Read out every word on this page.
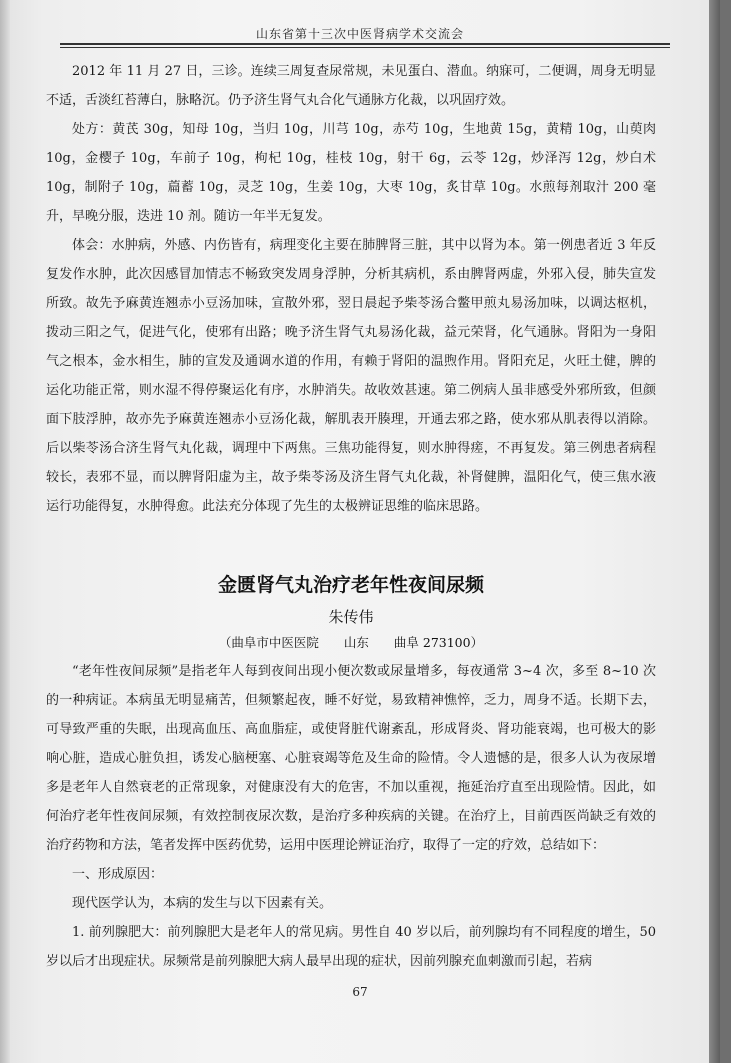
山东省第十三次中医肾病学术交流会

2012 年 11 月 27 日，三诊。连续三周复查尿常规，未见蛋白、潜血。纳寐可，二便调，周身无明显不适，舌淡红苔薄白，脉略沉。仍予济生肾气丸合化气通脉方化裁，以巩固疗效。

处方：黄芪 30g，知母 10g，当归 10g，川芎 10g，赤芍 10g，生地黄 15g，黄精 10g，山萸肉 10g，金樱子 10g，车前子 10g，枸杞 10g，桂枝 10g，射干 6g，云苓 12g，炒泽泻 12g，炒白术 10g，制附子 10g，萹蓄 10g，灵芝 10g，生姜 10g，大枣 10g，炙甘草 10g。水煎每剂取汁 200 毫升，早晚分服，迭进 10 剂。随访一年半无复发。

体会：水肿病，外感、内伤皆有，病理变化主要在肺脾肾三脏，其中以肾为本。第一例患者近 3 年反复发作水肿，此次因感冒加情志不畅致突发周身浮肿，分析其病机，系由脾肾两虚，外邪入侵，肺失宣发所致。故先予麻黄连翘赤小豆汤加味，宣散外邪，翌日晨起予柴苓汤合鳖甲煎丸易汤加味，以调达枢机，拨动三阳之气，促进气化，使邪有出路；晚予济生肾气丸易汤化裁，益元荣肾，化气通脉。肾阳为一身阳气之根本，金水相生，肺的宣发及通调水道的作用，有赖于肾阳的温煦作用。肾阳充足，火旺土健，脾的运化功能正常，则水湿不得停聚运化有序，水肿消失。故收效甚速。第二例病人虽非感受外邪所致，但颜面下肢浮肿，故亦先予麻黄连翘赤小豆汤化裁，解肌表开腠理，开通去邪之路，使水邪从肌表得以消除。后以柴苓汤合济生肾气丸化裁，调理中下两焦。三焦功能得复，则水肿得瘥，不再复发。第三例患者病程较长，表邪不显，而以脾肾阳虚为主，故予柴苓汤及济生肾气丸化裁，补肾健脾，温阳化气，使三焦水液运行功能得复，水肿得愈。此法充分体现了先生的太极辨证思维的临床思路。

金匮肾气丸治疗老年性夜间尿频
朱传伟
（曲阜市中医医院　　山东　　曲阜 273100）

“老年性夜间尿频”是指老年人每到夜间出现小便次数或尿量增多，每夜通常 3~4 次，多至 8~10 次的一种病证。本病虽无明显痛苦，但频繁起夜，睡不好觉，易致精神憔悴，乏力，周身不适。长期下去，可导致严重的失眠，出现高血压、高血脂症，或使肾脏代谢紊乱，形成肾炎、肾功能衰竭，也可极大的影响心脏，造成心脏负担，诱发心脑梗塞、心脏衰竭等危及生命的险情。令人遗憾的是，很多人认为夜尿增多是老年人自然衰老的正常现象，对健康没有大的危害，不加以重视，拖延治疗直至出现险情。因此，如何治疗老年性夜间尿频，有效控制夜尿次数，是治疗多种疾病的关键。在治疗上，目前西医尚缺乏有效的治疗药物和方法，笔者发挥中医药优势，运用中医理论辨证治疗，取得了一定的疗效，总结如下：

一、形成原因：

现代医学认为，本病的发生与以下因素有关。

1. 前列腺肥大：前列腺肥大是老年人的常见病。男性自 40 岁以后，前列腺均有不同程度的增生，50 岁以后才出现症状。尿频常是前列腺肥大病人最早出现的症状，因前列腺充血刺激而引起，若病

67
